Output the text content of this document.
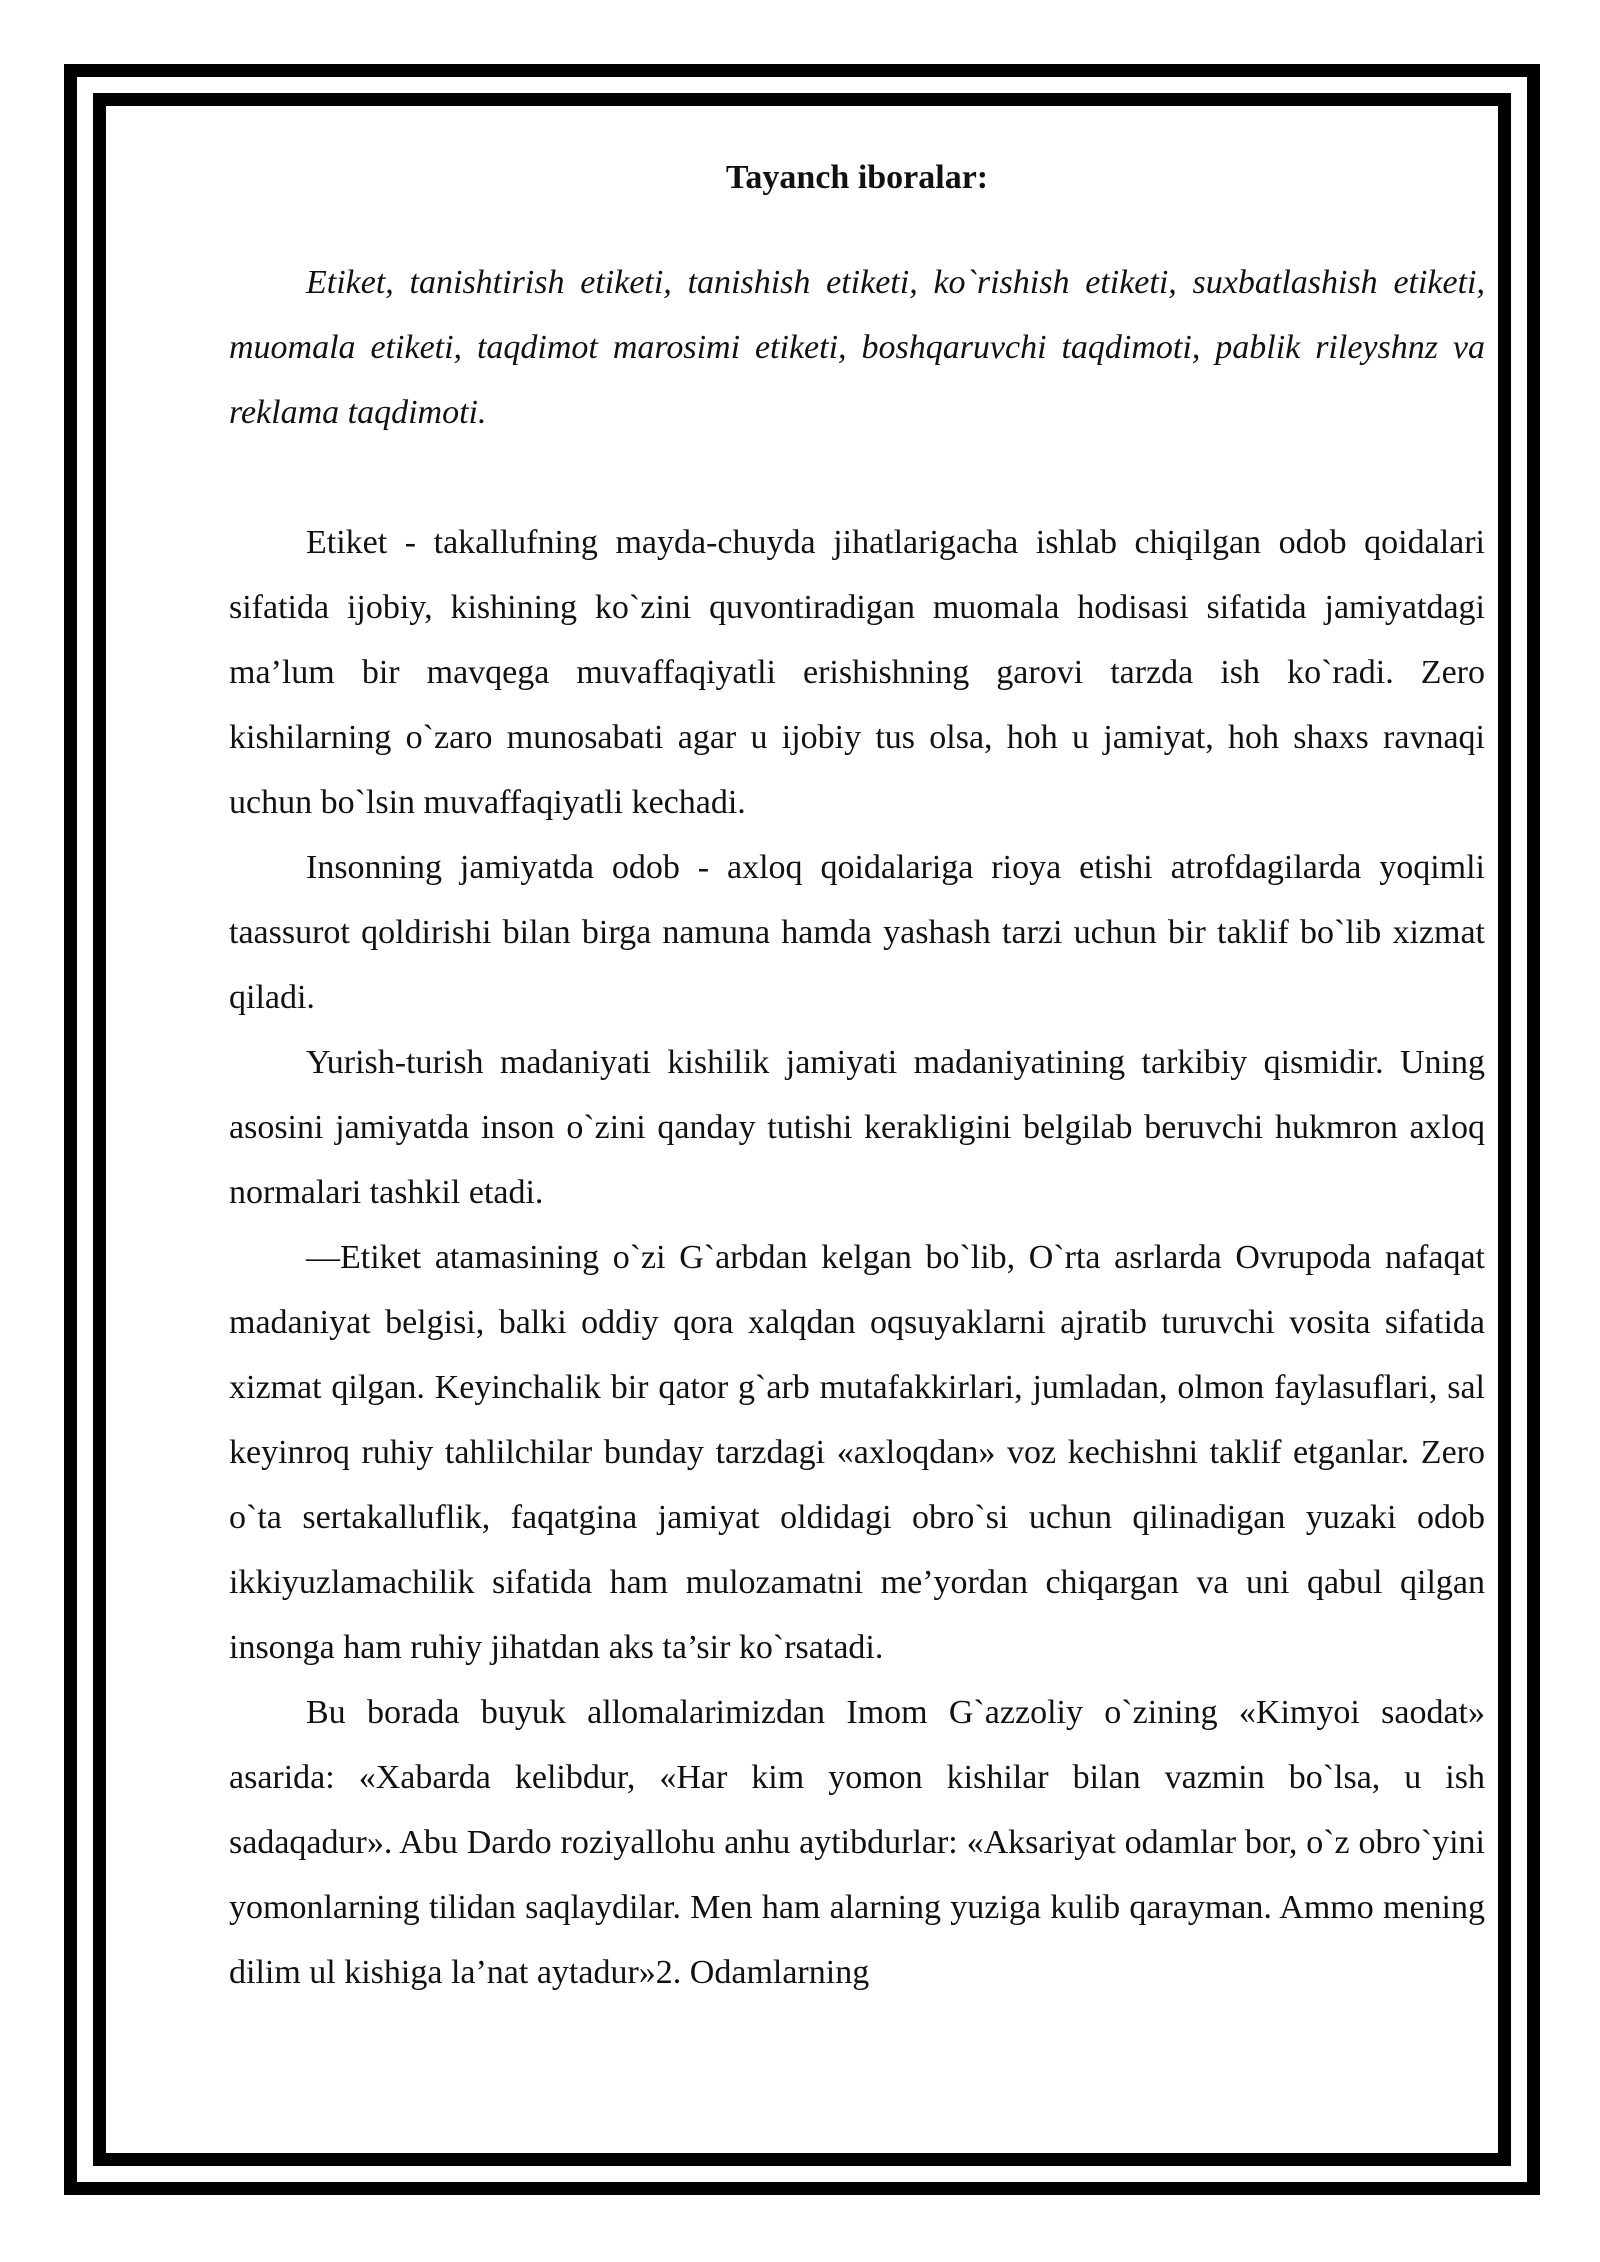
Tayanch iboralar:

Etiket, tanishtirish etiketi, tanishish etiketi, ko`rishish etiketi, suxbatlashish etiketi, muomala etiketi, taqdimot marosimi etiketi, boshqaruvchi taqdimoti, pablik rileyshnz va reklama taqdimoti.

Etiket - takallufning mayda-chuyda jihatlarigacha ishlab chiqilgan odob qoidalari sifatida ijobiy, kishining ko`zini quvontiradigan muomala hodisasi sifatida jamiyatdagi ma’lum bir mavqega muvaffaqiyatli erishishning garovi tarzda ish ko`radi. Zero kishilarning o`zaro munosabati agar u ijobiy tus olsa, hoh u jamiyat, hoh shaxs ravnaqi uchun bo`lsin muvaffaqiyatli kechadi.

Insonning jamiyatda odob - axloq qoidalariga rioya etishi atrofdagilarda yoqimli taassurot qoldirishi bilan birga namuna hamda yashash tarzi uchun bir taklif bo`lib xizmat qiladi.

Yurish-turish madaniyati kishilik jamiyati madaniyatining tarkibiy qismidir. Uning asosini jamiyatda inson o`zini qanday tutishi kerakligini belgilab beruvchi hukmron axloq normalari tashkil etadi.

―Etiket atamasining o`zi G`arbdan kelgan bo`lib, O`rta asrlarda Ovrupoda nafaqat madaniyat belgisi, balki oddiy qora xalqdan oqsuyaklarni ajratib turuvchi vosita sifatida xizmat qilgan. Keyinchalik bir qator g`arb mutafakkirlari, jumladan, olmon faylasuflari, sal keyinroq ruhiy tahlilchilar bunday tarzdagi «axloqdan» voz kechishni taklif etganlar. Zero o`ta sertakalluflik, faqatgina jamiyat oldidagi obro`si uchun qilinadigan yuzaki odob ikkiyuzlamachilik sifatida ham mulozamatni me’yordan chiqargan va uni qabul qilgan insonga ham ruhiy jihatdan aks ta’sir ko`rsatadi.

Bu borada buyuk allomalarimizdan Imom G`azzoliy o`zining «Kimyoi saodat» asarida: «Xabarda kelibdur, «Har kim yomon kishilar bilan vazmin bo`lsa, u ish sadaqadur». Abu Dardo roziyallohu anhu aytibdurlar: «Aksariyat odamlar bor, o`z obro`yini yomonlarning tilidan saqlaydilar. Men ham alarning yuziga kulib qarayman. Ammo mening dilim ul kishiga la’nat aytadur»2. Odamlarning
